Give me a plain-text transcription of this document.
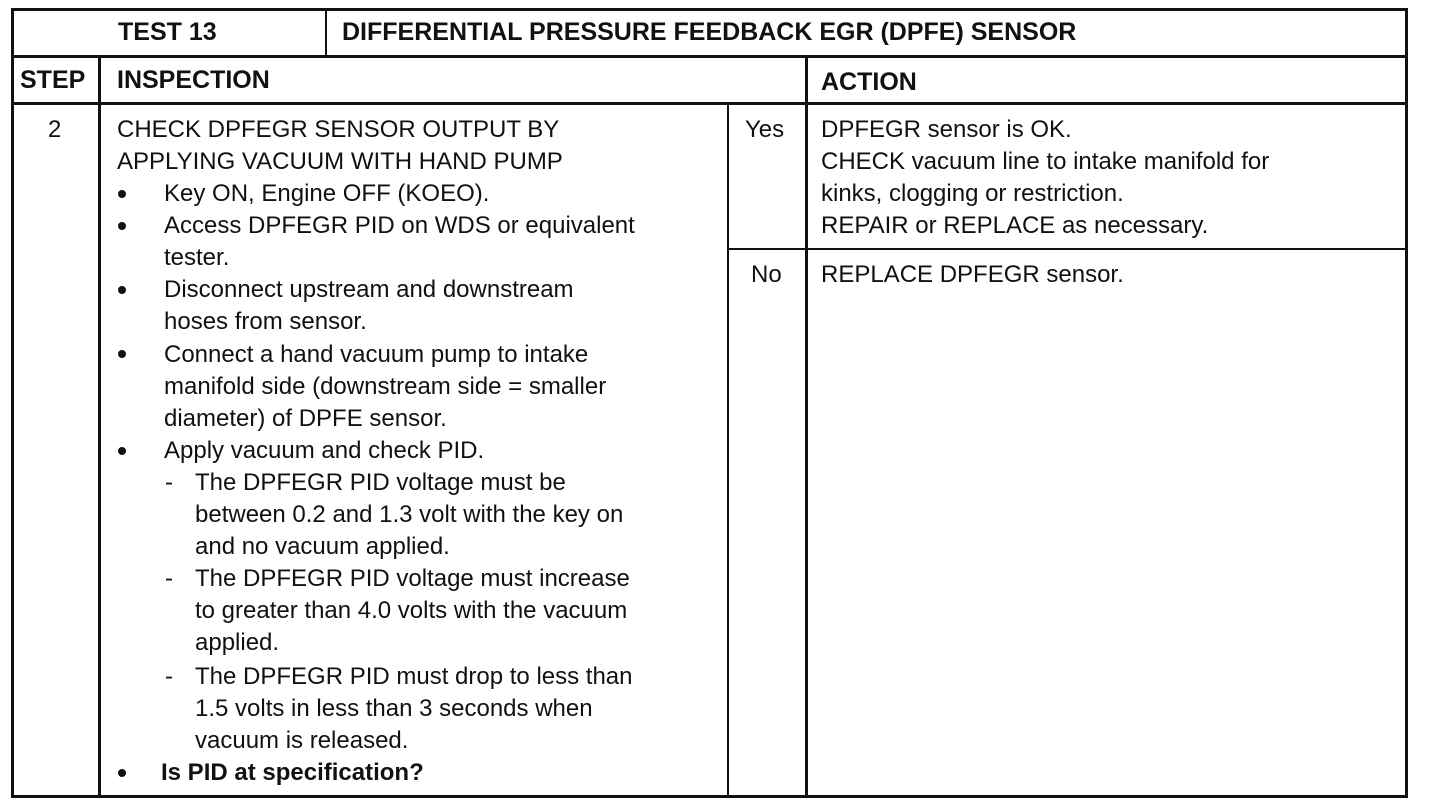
TEST 13	DIFFERENTIAL PRESSURE FEEDBACK EGR (DPFE) SENSOR
STEP INSPECTION	ACTION
2 CHECK DPFEGR SENSOR OUTPUT BY
APPLYING VACUUM WITH HAND PUMP
Key ON, Engine OFF (KOEO).
Access DPFEGR PID on WDS or equivalent
tester.
Disconnect upstream and downstream
hoses from sensor.
Connect a hand vacuum pump to intake
manifold side (downstream side = smaller
diameter) of DPFE sensor.
Apply vacuum and check PID.
- The DPFEGR PID voltage must be
between 0.2 and 1.3 volt with the key on
and no vacuum applied.
- The DPFEGR PID voltage must increase
to greater than 4.0 volts with the vacuum
applied.
- The DPFEGR PID must drop to less than
1.5 volts in less than 3 seconds when
vacuum is released.
Is PID at specification?
Yes DPFEGR sensor is OK.
CHECK vacuum line to intake manifold for
kinks, clogging or restriction.
REPAIR or REPLACE as necessary.
No REPLACE DPFEGR sensor.
